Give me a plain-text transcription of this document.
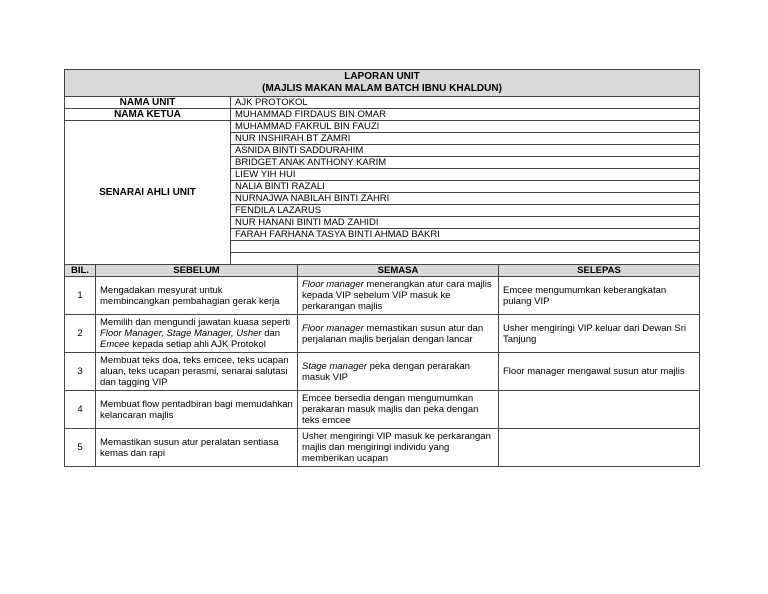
LAPORAN UNIT
(MAJLIS MAKAN MALAM BATCH IBNU KHALDUN)	

NAMA UNIT	AJK PROTOKOL
NAMA KETUA	MUHAMMAD FIRDAUS BIN OMAR
SENARAI AHLI UNIT	MUHAMMAD FAKRUL BIN FAUZI
	NUR INSHIRAH BT ZAMRI
	ASNIDA BINTI SADDURAHIM
	BRIDGET ANAK ANTHONY KARIM
	LIEW YIH HUI
	NALIA BINTI RAZALI
	NURNAJWA NABILAH BINTI ZAHRI
	FENDILA LAZARUS
	NUR HANANI BINTI MAD ZAHIDI
	FARAH FARHANA TASYA BINTI AHMAD BAKRI

BIL.	SEBELUM	SEMASA	SELEPAS
1	Mengadakan mesyurat untuk membincangkan pembahagian gerak kerja	Floor manager menerangkan atur cara majlis kepada VIP sebelum VIP masuk ke perkarangan majlis	Emcee mengumumkan keberangkatan pulang VIP
2	Memilih dan mengundi jawatan kuasa seperti Floor Manager, Stage Manager, Usher dan Emcee kepada setiap ahli AJK Protokol	Floor manager memastikan susun atur dan perjalanan majlis berjalan dengan lancar	Usher mengiringi VIP keluar dari Dewan Sri Tanjung
3	Membuat teks doa, teks emcee, teks ucapan aluan, teks ucapan perasmi, senarai salutasi dan tagging VIP	Stage manager peka dengan perarakan masuk VIP	Floor manager mengawal susun atur majlis
4	Membuat flow pentadbiran bagi memudahkan kelancaran majlis	Emcee bersedia dengan mengumumkan perakaran masuk majlis dan peka dengan teks emcee	
5	Memastikan susun atur peralatan sentiasa kemas dan rapi	Usher mengiringi VIP masuk ke perkarangan majlis dan mengiringi individu yang memberikan ucapan	
